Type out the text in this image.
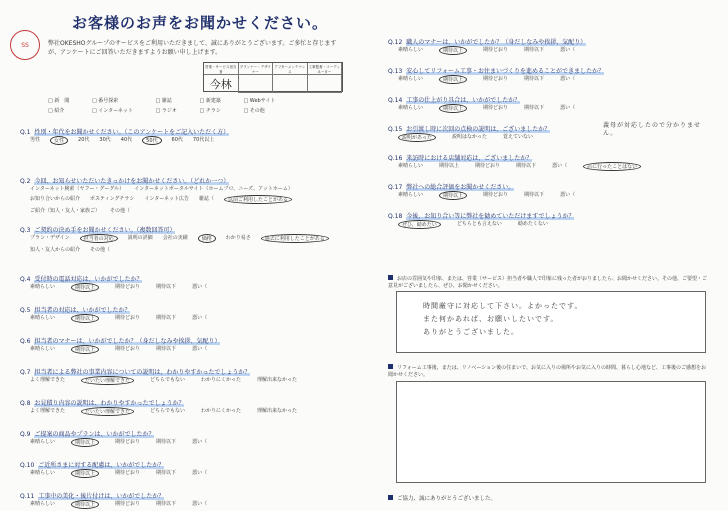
SS
お客様のお声をお聞かせください。
弊社OKESHOグループのサービスをご利用いただきまして、誠にありがとうございます。ご多忙と存じますが、アンケートにご回答いただきますようお願い申し上げます。
営業・サービス担当者
プランナー・デザイナー
アフターメンテナンス
工事監督・コーディネーター
今林
□ 新　聞	□ 番号探索	□ 雑誌	□ 新建築	□ Webサイト
□ 紹介	□ インターネット	□ ラジオ	□ チラシ	□ その他
Q.1 性別・年代をお聞かせください。（このアンケートをご記入いただく方）
男性	女性	20代 30代 40代	50代	60代 70代以上
Q.2 今回、お知らせいただいたきっかけをお聞かせください。（どれか一つ）
インターネット検索（ヤフー・グーグル） インターネットポータルサイト（ホームプロ、ニーズ、アットホーム）
お知り合いからの紹介 ポスティングチラシ インターネット広告 雑誌（	以前ご利用したことがある
ご紹介（知人・友人・家族ご） その他（
Q.3 ご契約の決め手をお聞かせください。（複数回答可）
プラン・デザイン	担当者の対応	説明の詳細 会社の実績	価格	わかり易さ	過去に利用したことがある
知人・友人からの紹介 その他（
Q.4 受付時の電話対応は、いかがでしたか？
素晴らしい	期待以上	期待どおり	期待以下	悪い（
Q.5 担当者の対応は、いかがでしたか？
素晴らしい	期待以上	期待どおり	期待以下	悪い（
Q.6 担当者のマナーは、いかがでしたか？（身だしなみや挨拶、気配り）
素晴らしい	期待以上	期待どおり	期待以下	悪い（
Q.7 担当者による弊社の事業内容についての説明は、わかりやすかったでしょうか？
よく理解できた	だいたい理解できた	どちらでもない	わかりにくかった	理解出来なかった
Q.8 お見積り内容の説明は、わかりやすかったでしょうか？
よく理解できた	だいたい理解できた	どちらでもない	わかりにくかった	理解出来なかった
Q.9 ご提案の商品やプランは、いかがでしたか？
素晴らしい	期待以上	期待どおり	期待以下	悪い（
Q.10 ご近所さまに対する配慮は、いかがでしたか？
素晴らしい	期待以上	期待どおり	期待以下	悪い（
Q.11 工事中の美化・後片付けは、いかがでしたか？
素晴らしい	期待以上	期待どおり	期待以下	悪い（
Q.12 職人のマナーは、いかがでしたか？（身だしなみや挨拶、気配り）
素晴らしい	期待以上	期待どおり	期待以下	悪い（
Q.13 安心してリフォーム工事・お住まいづくりを進めることができましたか？
素晴らしい	期待以上	期待どおり	期待以下	悪い（
Q.14 工事の仕上がり具合は、いかがでしたか？
素晴らしい	期待以上	期待どおり	期待以下	悪い（
Q.15 お引渡し時に次回の点検の説明は、ございましたか？
説明があった	説明はなかった	覚えていない
義母が対応したので分かりません。
Q.16 来訪時における店舗対応は、ございましたか？
素晴らしい	期待以上	期待どおり	期待以下	悪い（	店に行ったことはない
Q.17 弊社への総合評価をお聞かせください。
素晴らしい	期待以上	期待どおり	期待以下	悪い（
Q.18 今後、お知り合い等に弊社を勧めていただけますでしょうか？
ぜひ、勧めたい	どちらとも言えない	勧めたくない
お店の雰囲気や印象、または、営業（サービス）担当者や職人で印象に残った者がおりましたら、お聞かせください。その他、ご要望・ご意見がございましたら、ぜひ、お聞かせください。
時間厳守に対応して下さい。よかったです。
また何かあれば、お願いしたいです。
ありがとうございました。
リフォーム工事後、または、リノベーション後の住まいで、お気に入りの場所やお気に入りの時間、暮らし心地など、工事後のご感想をお聞かせください。
ご協力、誠にありがとうございました。
